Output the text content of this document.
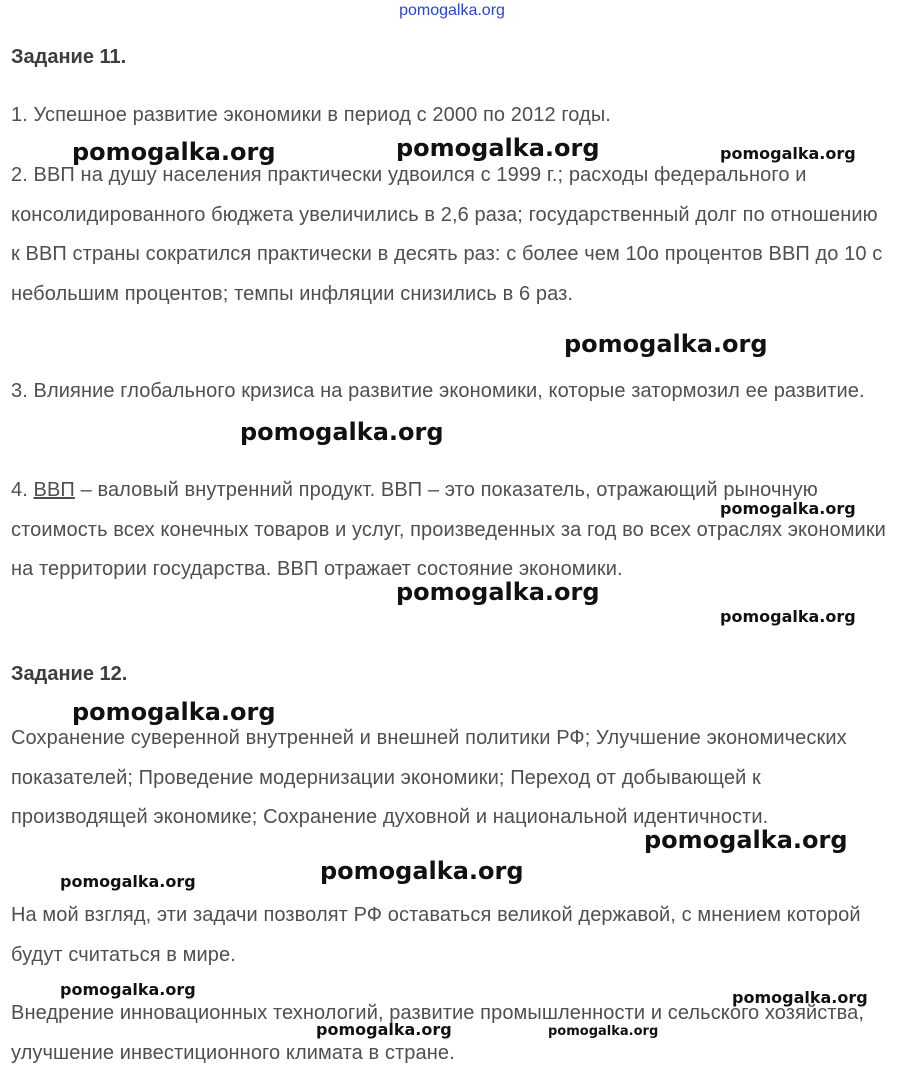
pomogalka.org
Задание 11.
1. Успешное развитие экономики в период с 2000 по 2012 годы.
2. ВВП на душу населения практически удвоился с 1999 г.; расходы федерального и консолидированного бюджета увеличились в 2,6 раза; государственный долг по отношению к ВВП страны сократился практически в десять раз: с более чем 10о процентов ВВП до 10 с небольшим процентов; темпы инфляции снизились в 6 раз.
3. Влияние глобального кризиса на развитие экономики, которые затормозил ее развитие.
4. ВВП – валовый внутренний продукт. ВВП – это показатель, отражающий рыночную стоимость всех конечных товаров и услуг, произведенных за год во всех отраслях экономики на территории государства. ВВП отражает состояние экономики.
Задание 12.
Сохранение суверенной внутренней и внешней политики РФ; Улучшение экономических показателей; Проведение модернизации экономики; Переход от добывающей к производящей экономике; Сохранение духовной и национальной идентичности.
На мой взгляд, эти задачи позволят РФ оставаться великой державой, с мнением которой будут считаться в мире.
Внедрение инновационных технологий, развитие промышленности и сельского хозяйства, улучшение инвестиционного климата в стране.
pomogalka.org	pomogalka.org	pomogalka.org
pomogalka.org
pomogalka.org
pomogalka.org
pomogalka.org
pomogalka.org
pomogalka.org
pomogalka.org
pomogalka.org
pomogalka.org
pomogalka.org	pomogalka.org
pomogalka.org	pomogalka.org
